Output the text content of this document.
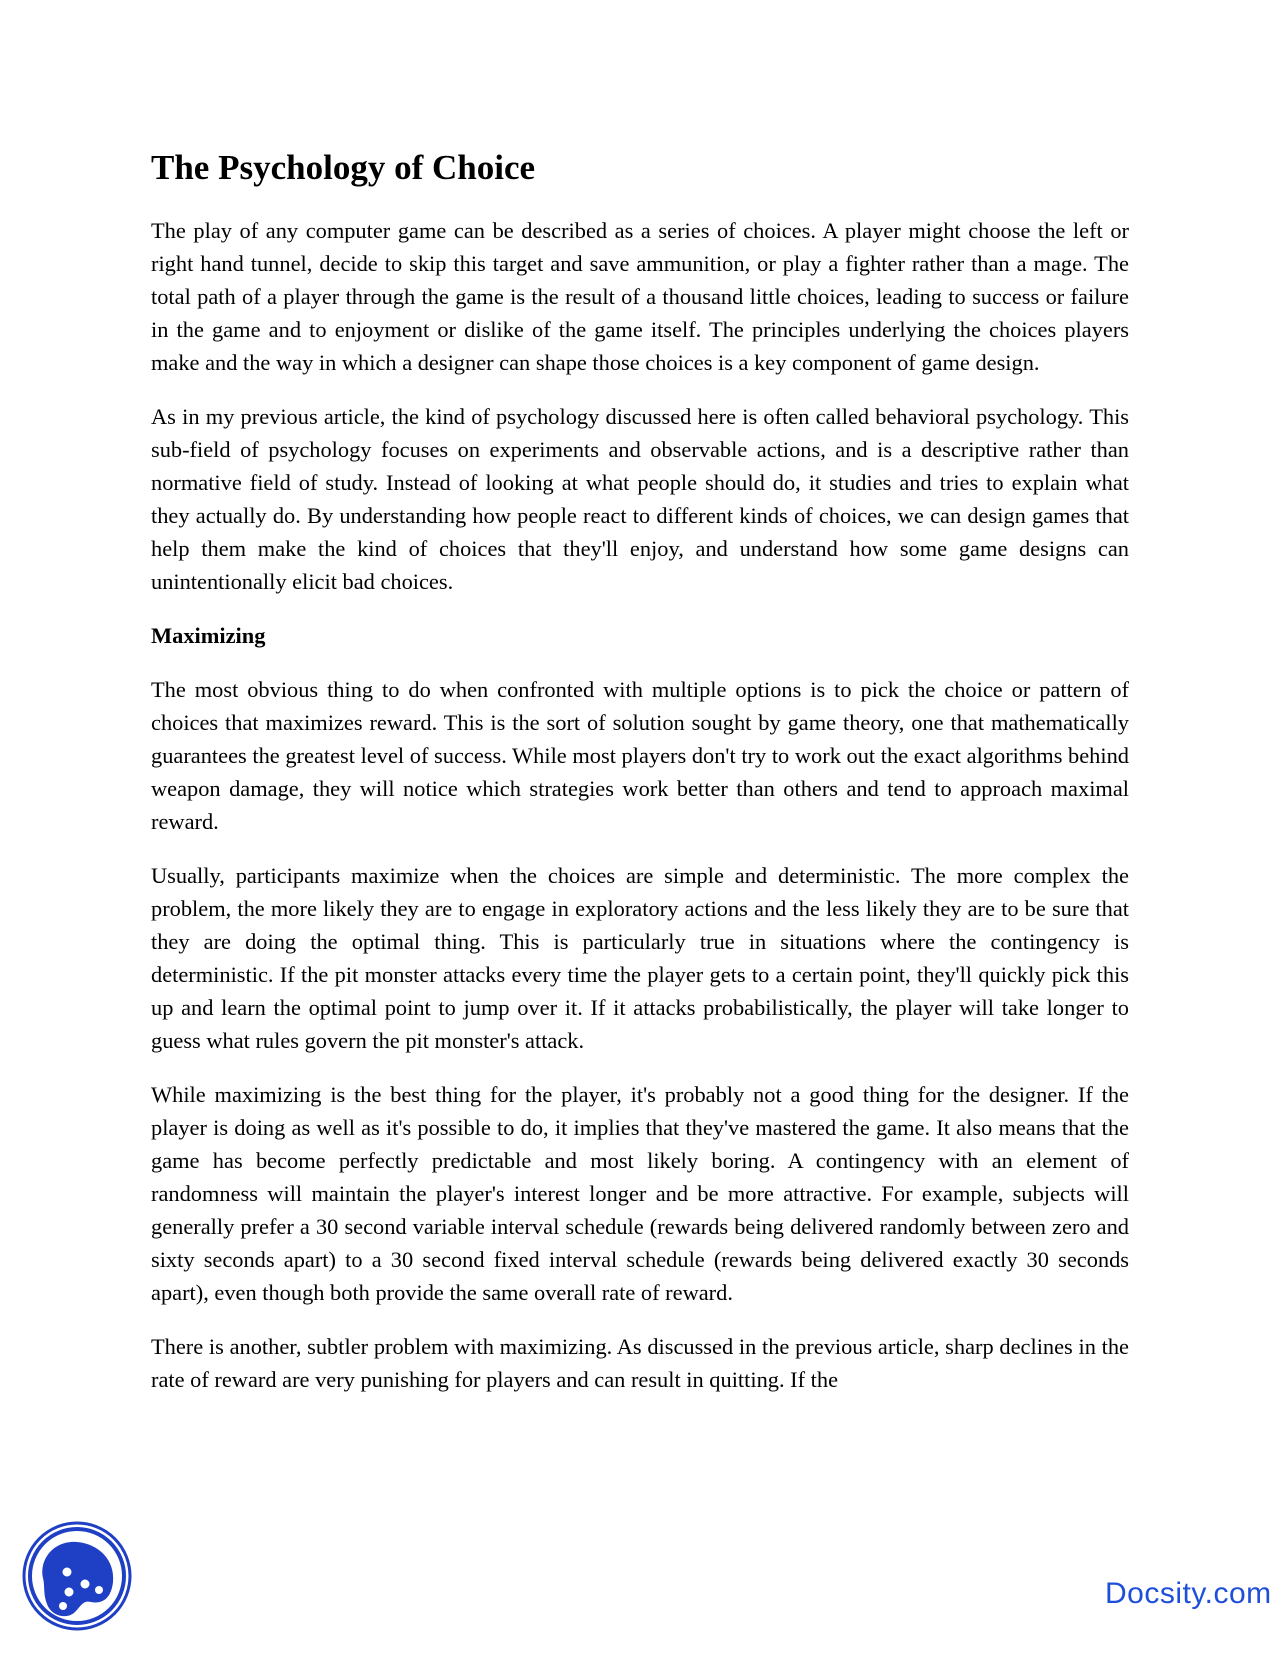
The Psychology of Choice

The play of any computer game can be described as a series of choices. A player might choose the left or right hand tunnel, decide to skip this target and save ammunition, or play a fighter rather than a mage. The total path of a player through the game is the result of a thousand little choices, leading to success or failure in the game and to enjoyment or dislike of the game itself. The principles underlying the choices players make and the way in which a designer can shape those choices is a key component of game design.

As in my previous article, the kind of psychology discussed here is often called behavioral psychology. This sub-field of psychology focuses on experiments and observable actions, and is a descriptive rather than normative field of study. Instead of looking at what people should do, it studies and tries to explain what they actually do. By understanding how people react to different kinds of choices, we can design games that help them make the kind of choices that they'll enjoy, and understand how some game designs can unintentionally elicit bad choices.

Maximizing

The most obvious thing to do when confronted with multiple options is to pick the choice or pattern of choices that maximizes reward. This is the sort of solution sought by game theory, one that mathematically guarantees the greatest level of success. While most players don't try to work out the exact algorithms behind weapon damage, they will notice which strategies work better than others and tend to approach maximal reward.

Usually, participants maximize when the choices are simple and deterministic. The more complex the problem, the more likely they are to engage in exploratory actions and the less likely they are to be sure that they are doing the optimal thing. This is particularly true in situations where the contingency is deterministic. If the pit monster attacks every time the player gets to a certain point, they'll quickly pick this up and learn the optimal point to jump over it. If it attacks probabilistically, the player will take longer to guess what rules govern the pit monster's attack.

While maximizing is the best thing for the player, it's probably not a good thing for the designer. If the player is doing as well as it's possible to do, it implies that they've mastered the game. It also means that the game has become perfectly predictable and most likely boring. A contingency with an element of randomness will maintain the player's interest longer and be more attractive. For example, subjects will generally prefer a 30 second variable interval schedule (rewards being delivered randomly between zero and sixty seconds apart) to a 30 second fixed interval schedule (rewards being delivered exactly 30 seconds apart), even though both provide the same overall rate of reward.

There is another, subtler problem with maximizing. As discussed in the previous article, sharp declines in the rate of reward are very punishing for players and can result in quitting. If the

Docsity.com
